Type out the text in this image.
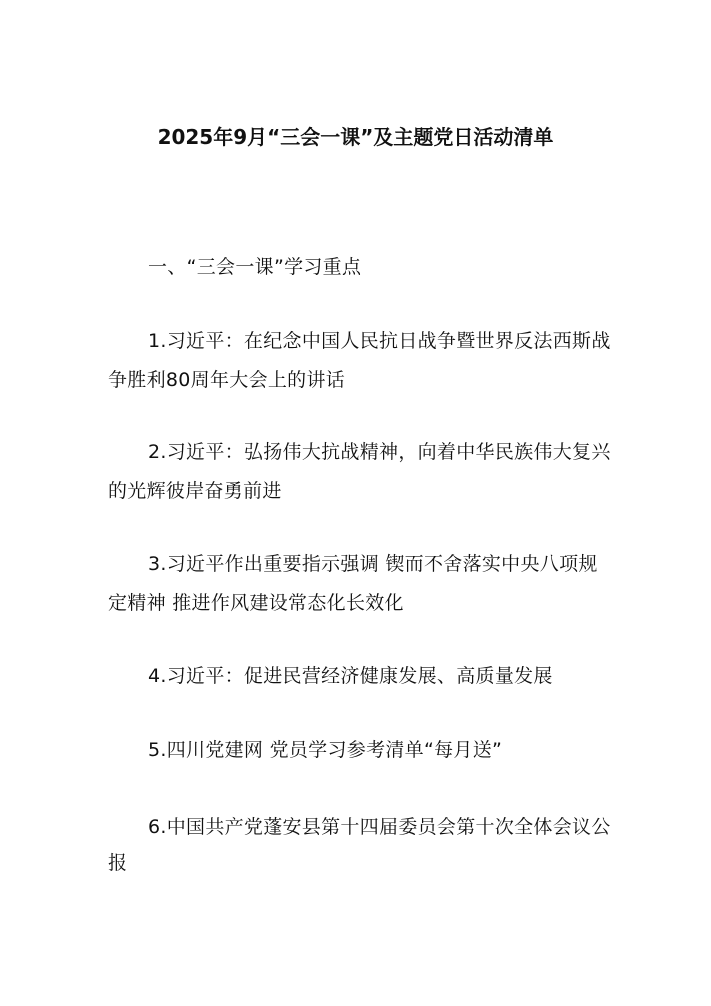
2025年9月“三会一课”及主题党日活动清单
一、“三会一课”学习重点
1.习近平：在纪念中国人民抗日战争暨世界反法西斯战
争胜利80周年大会上的讲话
2.习近平：弘扬伟大抗战精神，向着中华民族伟大复兴
的光辉彼岸奋勇前进
3.习近平作出重要指示强调 锲而不舍落实中央八项规
定精神 推进作风建设常态化长效化
4.习近平：促进民营经济健康发展、高质量发展
5.四川党建网 党员学习参考清单“每月送”
6.中国共产党蓬安县第十四届委员会第十次全体会议公
报
